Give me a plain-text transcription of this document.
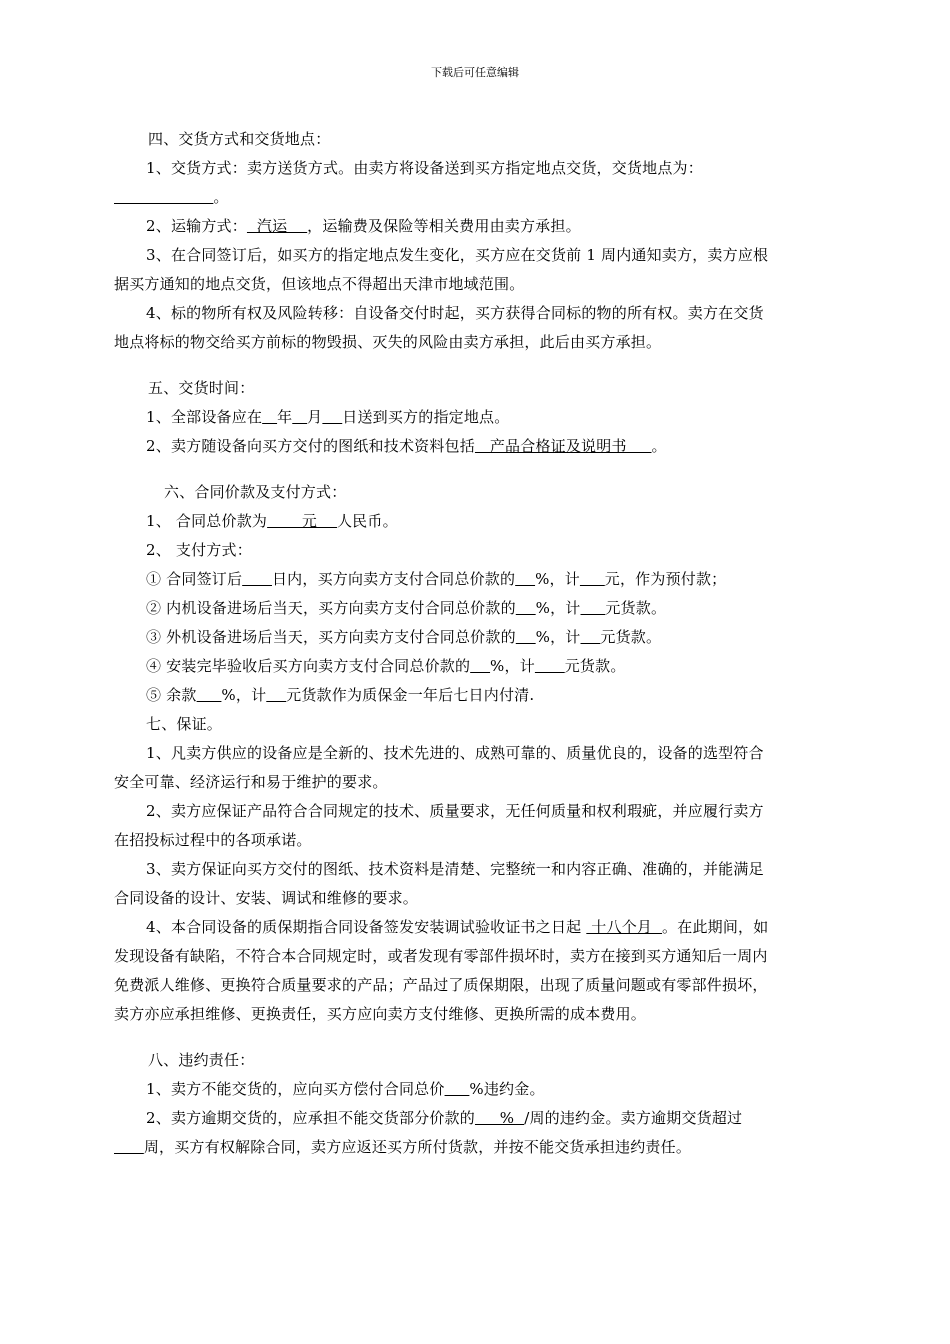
下载后可任意编辑
四、交货方式和交货地点：
1、交货方式：卖方送货方式。由卖方将设备送到买方指定地点交货，交货地点为：
。
2、运输方式：  汽运    ，运输费及保险等相关费用由卖方承担。
3、在合同签订后，如买方的指定地点发生变化，买方应在交货前 1 周内通知卖方，卖方应根
据买方通知的地点交货，但该地点不得超出天津市地域范围。
4、标的物所有权及风险转移：自设备交付时起，买方获得合同标的物的所有权。卖方在交货
地点将标的物交给买方前标的物毁损、灭失的风险由卖方承担，此后由买方承担。
五、交货时间：
1、全部设备应在 年 月 日送到买方的指定地点。
2、卖方随设备向买方交付的图纸和技术资料包括   产品合格证及说明书     。
六、合同价款及支付方式：
1、 合同总价款为       元    人民币。
2、 支付方式：
① 合同签订后 日内，买方向卖方支付合同总价款的 %，计 元，作为预付款；
② 内机设备进场后当天，买方向卖方支付合同总价款的 %，计 元货款。
③ 外机设备进场后当天，买方向卖方支付合同总价款的 %，计 元货款。
④ 安装完毕验收后买方向卖方支付合同总价款的 %，计 元货款。
⑤ 余款 %，计 元货款作为质保金一年后七日内付清.
七、保证。
1、凡卖方供应的设备应是全新的、技术先进的、成熟可靠的、质量优良的，设备的选型符合
安全可靠、经济运行和易于维护的要求。
2、卖方应保证产品符合合同规定的技术、质量要求，无任何质量和权利瑕疵，并应履行卖方
在招投标过程中的各项承诺。
3、卖方保证向买方交付的图纸、技术资料是清楚、完整统一和内容正确、准确的，并能满足
合同设备的设计、安装、调试和维修的要求。
4、本合同设备的质保期指合同设备签发安装调试验收证书之日起  十八个月  。在此期间，如
发现设备有缺陷，不符合本合同规定时，或者发现有零部件损坏时，卖方在接到买方通知后一周内
免费派人维修、更换符合质量要求的产品；产品过了质保期限，出现了质量问题或有零部件损坏，
卖方亦应承担维修、更换责任，买方应向卖方支付维修、更换所需的成本费用。
八、违约责任：
1、卖方不能交货的，应向买方偿付合同总价 %违约金。
2、卖方逾期交货的，应承担不能交货部分价款的     %  /周的违约金。卖方逾期交货超过
周，买方有权解除合同，卖方应返还买方所付货款，并按不能交货承担违约责任。
